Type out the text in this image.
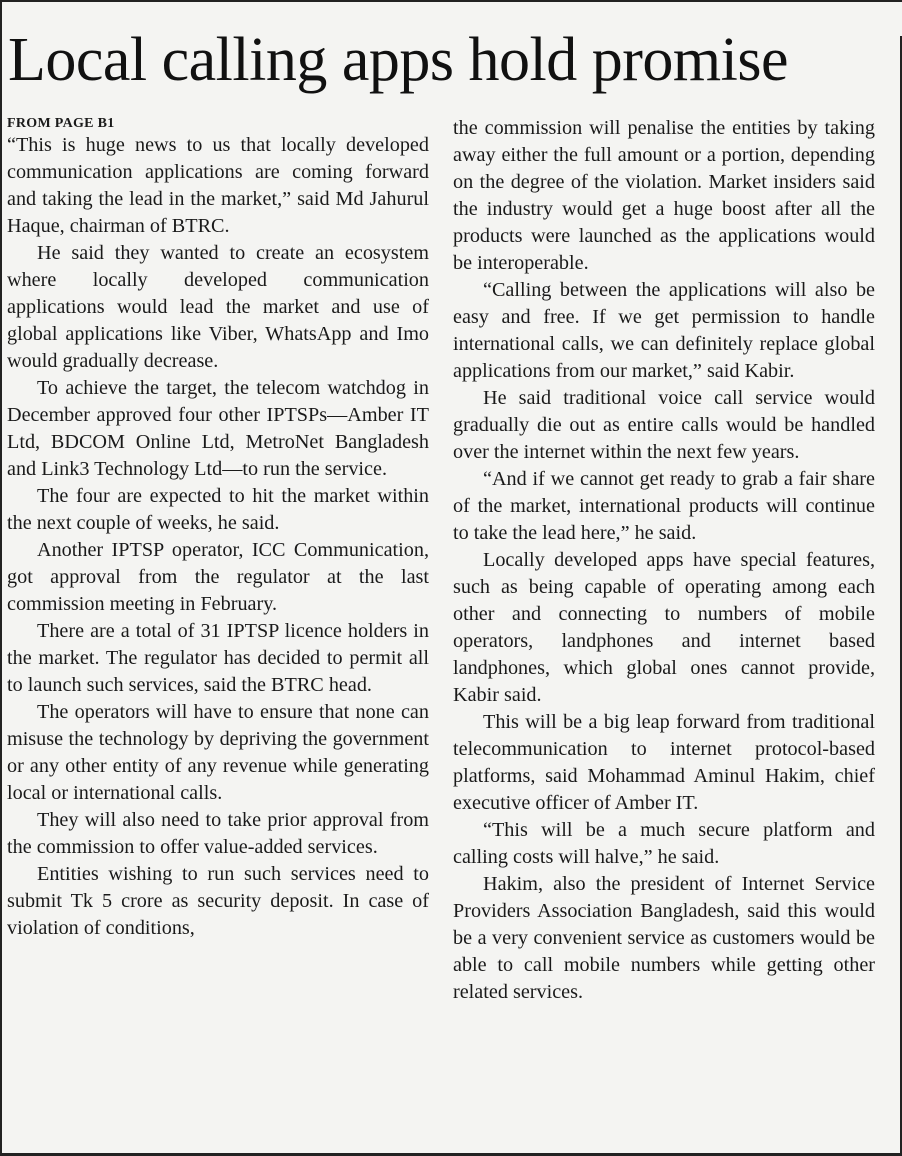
Local calling apps hold promise
FROM PAGE B1

“This is huge news to us that locally developed communication applications are coming forward and taking the lead in the market,” said Md Jahurul Haque, chairman of BTRC.

He said they wanted to create an ecosystem where locally developed communication applications would lead the market and use of global applications like Viber, WhatsApp and Imo would gradually decrease.

To achieve the target, the telecom watchdog in December approved four other IPTSPs—Amber IT Ltd, BDCOM Online Ltd, MetroNet Bangladesh and Link3 Technology Ltd—to run the service.

The four are expected to hit the market within the next couple of weeks, he said.

Another IPTSP operator, ICC Communication, got approval from the regulator at the last commission meeting in February.

There are a total of 31 IPTSP licence holders in the market. The regulator has decided to permit all to launch such services, said the BTRC head.

The operators will have to ensure that none can misuse the technology by depriving the government or any other entity of any revenue while generating local or international calls.

They will also need to take prior approval from the commission to offer value-added services.

Entities wishing to run such services need to submit Tk 5 crore as security deposit. In case of violation of conditions,

the commission will penalise the entities by taking away either the full amount or a portion, depending on the degree of the violation. Market insiders said the industry would get a huge boost after all the products were launched as the applications would be interoperable.

“Calling between the applications will also be easy and free. If we get permission to handle international calls, we can definitely replace global applications from our market,” said Kabir.

He said traditional voice call service would gradually die out as entire calls would be handled over the internet within the next few years.

“And if we cannot get ready to grab a fair share of the market, international products will continue to take the lead here,” he said.

Locally developed apps have special features, such as being capable of operating among each other and connecting to numbers of mobile operators, landphones and internet based landphones, which global ones cannot provide, Kabir said.

This will be a big leap forward from traditional telecommunication to internet protocol-based platforms, said Mohammad Aminul Hakim, chief executive officer of Amber IT.

“This will be a much secure platform and calling costs will halve,” he said.

Hakim, also the president of Internet Service Providers Association Bangladesh, said this would be a very convenient service as customers would be able to call mobile numbers while getting other related services.
